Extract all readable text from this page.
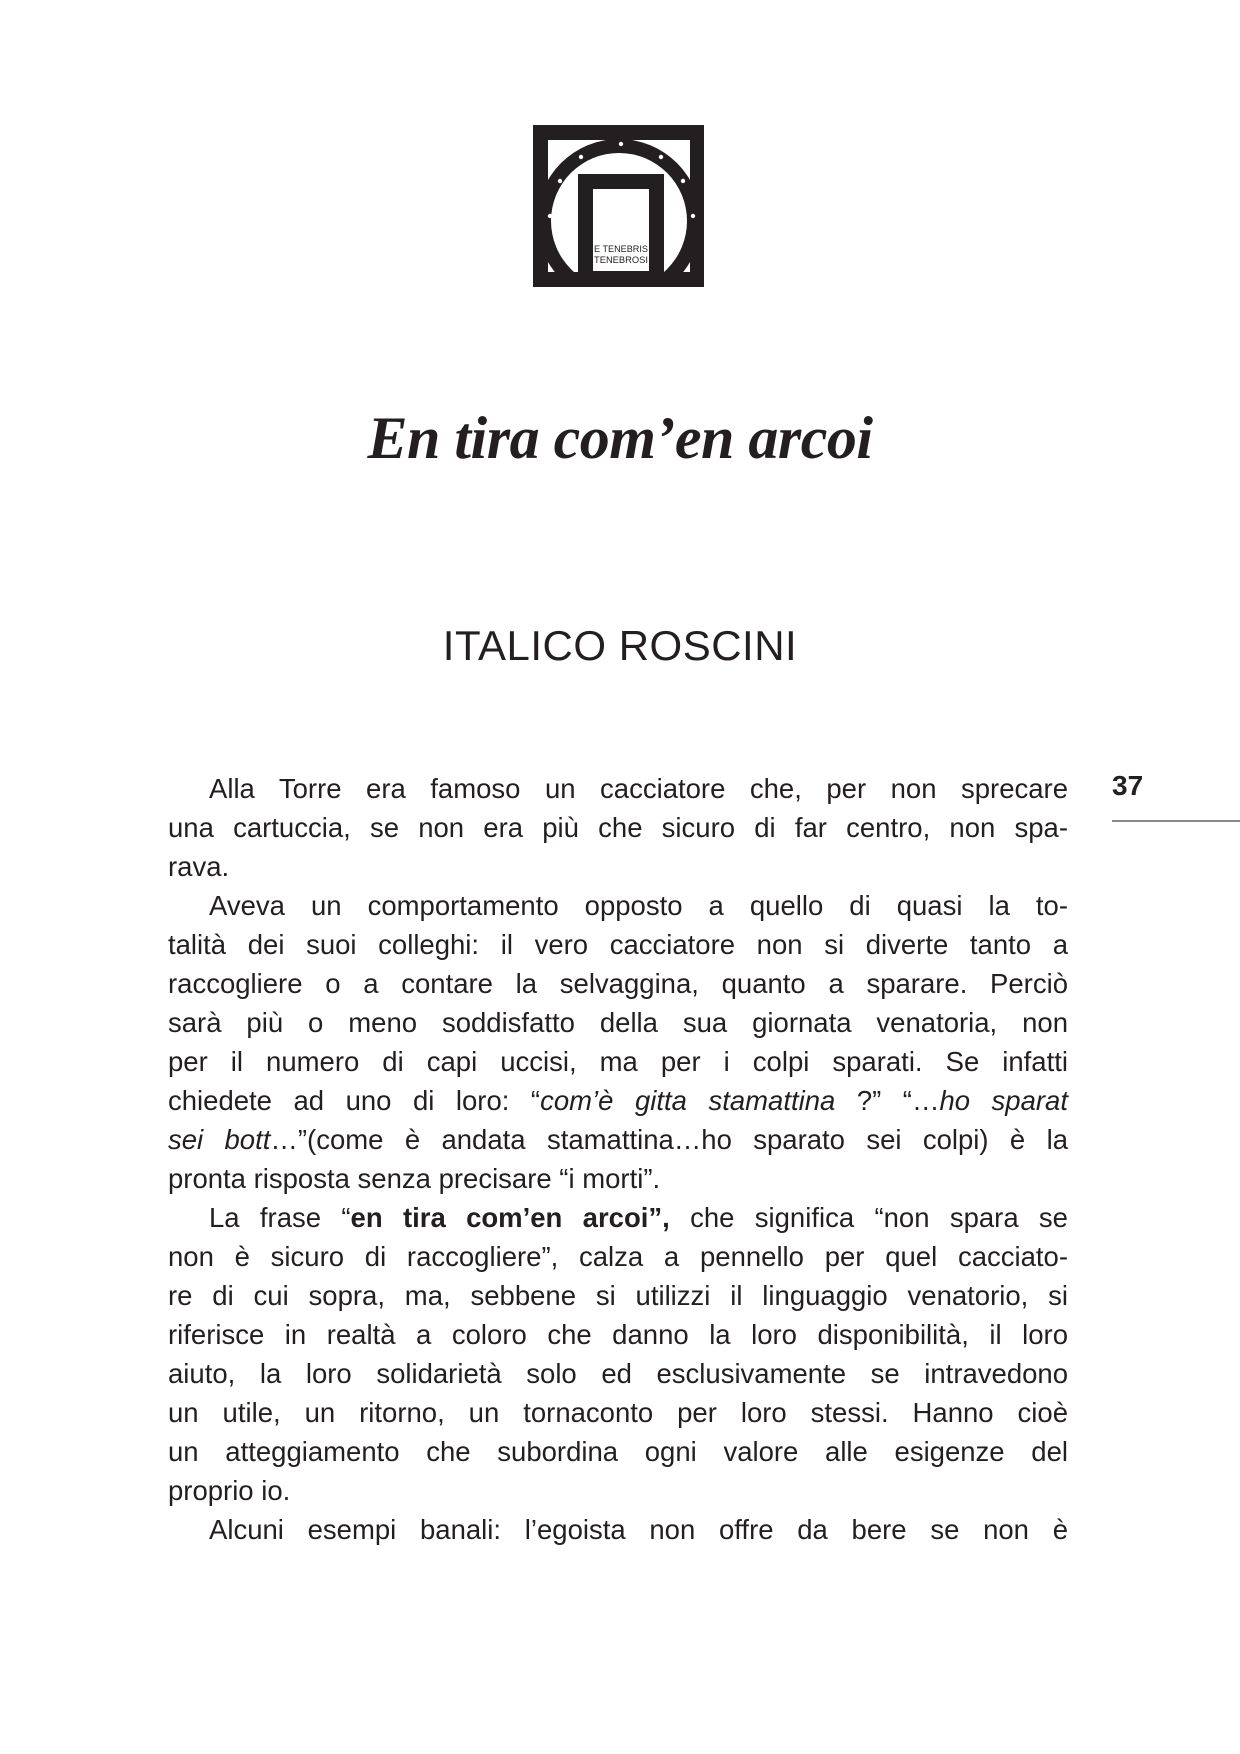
E TENEBRIS
TENEBROSI
En tira com’en arcoi
ITALICO ROSCINI
37
Alla Torre era famoso un cacciatore che, per non sprecare
una cartuccia, se non era più che sicuro di far centro, non spa-
rava.
Aveva un comportamento opposto a quello di quasi la to-
talità dei suoi colleghi: il vero cacciatore non si diverte tanto a
raccogliere o a contare la selvaggina, quanto a sparare. Perciò
sarà più o meno soddisfatto della sua giornata venatoria, non
per il numero di capi uccisi, ma per i colpi sparati. Se infatti
chiedete ad uno di loro: “com’è gitta stamattina ?” “…ho sparat
sei bott…”(come è andata stamattina…ho sparato sei colpi) è la
pronta risposta senza precisare “i morti”.
La frase “en tira com’en arcoi”, che significa “non spara se
non è sicuro di raccogliere”, calza a pennello per quel cacciato-
re di cui sopra, ma, sebbene si utilizzi il linguaggio venatorio, si
riferisce in realtà a coloro che danno la loro disponibilità, il loro
aiuto, la loro solidarietà solo ed esclusivamente se intravedono
un utile, un ritorno, un tornaconto per loro stessi. Hanno cioè
un atteggiamento che subordina ogni valore alle esigenze del
proprio io.
Alcuni esempi banali: l’egoista non offre da bere se non è
